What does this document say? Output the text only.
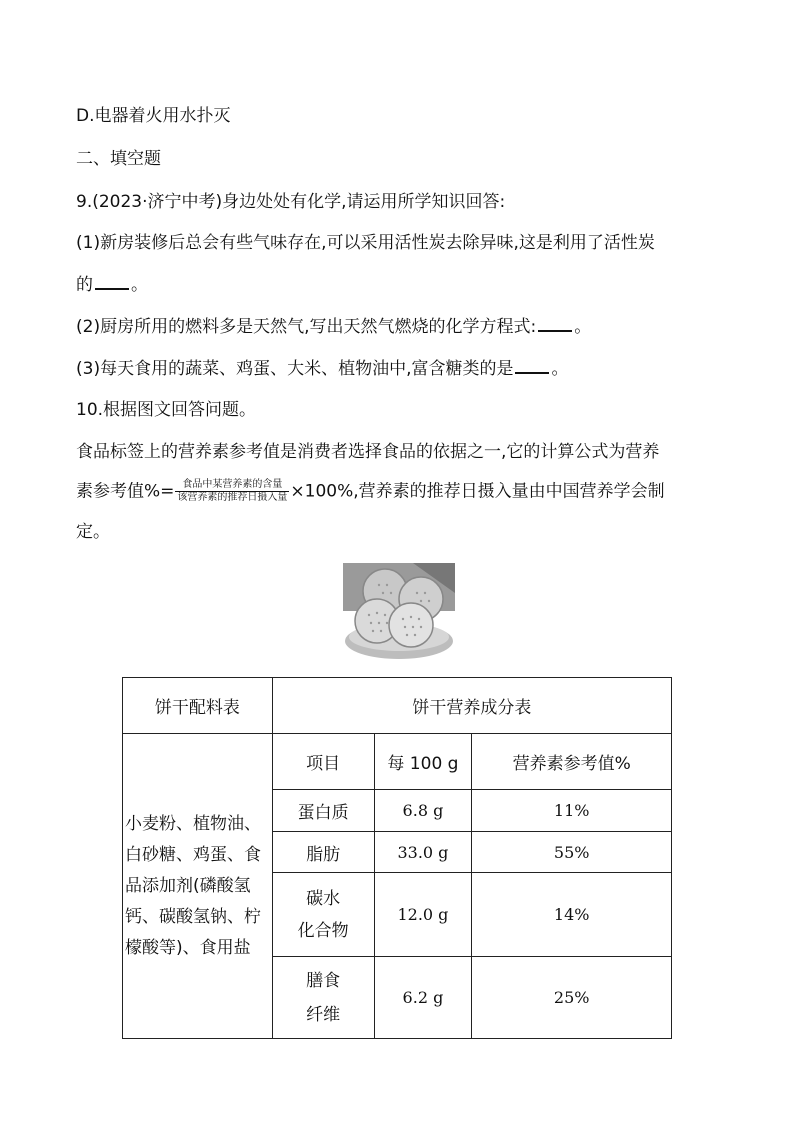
D.电器着火用水扑灭
二、填空题
9.(2023·济宁中考)身边处处有化学,请运用所学知识回答:
(1)新房装修后总会有些气味存在,可以采用活性炭去除异味,这是利用了活性炭
的 。
(2)厨房所用的燃料多是天然气,写出天然气燃烧的化学方程式: 。
(3)每天食用的蔬菜、鸡蛋、大米、植物油中,富含糖类的是 。
10.根据图文回答问题。
食品标签上的营养素参考值是消费者选择食品的依据之一,它的计算公式为营养
素参考值%= $\frac{\text{食品中某营养素的含量}}{\text{该营养素的推荐日摄入量}} \times 100\%$,营养素的推荐日摄入量由中国营养学会制
定。
饼干配料表	饼干营养成分表		

小麦粉、植物油、
白砂糖、鸡蛋、食
品添加剂(磷酸氢
钙、碳酸氢钠、柠
檬酸等)、食用盐	项目	每 100 g	营养素参考值%

	蛋白质	6.8 g	11%

	脂肪	33.0 g	55%

	碳水
化合物	12.0 g	14%

	膳食
纤维	6.2 g	25%
